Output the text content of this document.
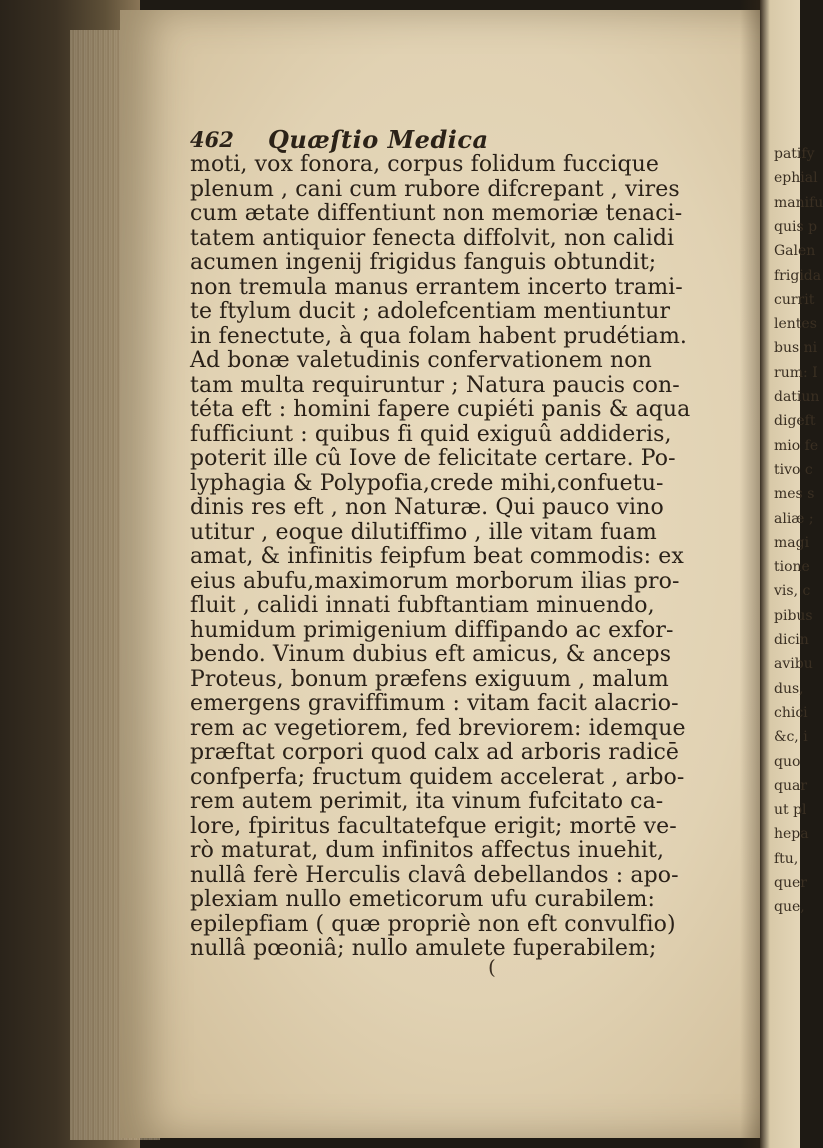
462 Quæſtio Medica
moti, vox fonora, corpus folidum fuccique
plenum , cani cum rubore difcrepant , vires
cum ætate diffentiunt non memoriæ tenaci-
tatem antiquior fenecta diffolvit, non calidi
acumen ingenij frigidus fanguis obtundit;
non tremula manus errantem incerto trami-
te ftylum ducit ; adolefcentiam mentiuntur
in fenectute, à qua folam habent prudétiam.
Ad bonæ valetudinis confervationem non
tam multa requiruntur ; Natura paucis con-
téta eft : homini fapere cupiéti panis & aqua
fufficiunt : quibus fi quid exiguû addideris,
poterit ille cû Iove de felicitate certare. Po-
lyphagia & Polypofia,crede mihi,confuetu-
dinis res eft , non Naturæ. Qui pauco vino
utitur , eoque dilutiffimo , ille vitam fuam
amat, & infinitis feipfum beat commodis: ex
eius abufu,maximorum morborum ilias pro-
fluit , calidi innati fubftantiam minuendo,
humidum primigenium diffipando ac exfor-
bendo. Vinum dubius eft amicus, & anceps
Proteus, bonum præfens exiguum , malum
emergens graviffimum : vitam facit alacrio-
rem ac vegetiorem, fed breviorem: idemque
præftat corpori quod calx ad arboris radicē
confperfa; fructum quidem accelerat , arbo-
rem autem perimit, ita vinum fufcitato ca-
lore, fpiritus facultatefque erigit; mortē ve-
rò maturat, dum infinitos affectus inuehit,
nullâ ferè Herculis clavâ debellandos : apo-
plexiam nullo emeticorum ufu curabilem:
epilepfiam ( quæ propriè non eft convulfio)
nullâ pœoniâ; nullo amulete fuperabilem;
(
patify
ephial
manifu
quis p
Galen
frigida
currit
lentes
bus ni
rum: I
datiun
digeft
mio fe
tivo c
mes s
aliæ ;
magi
tione
vis, c
pibus
dicin
avibu
dus,
chici
&c, i
quo
quar
ut pl
hepa
ftu,
quer
que,
